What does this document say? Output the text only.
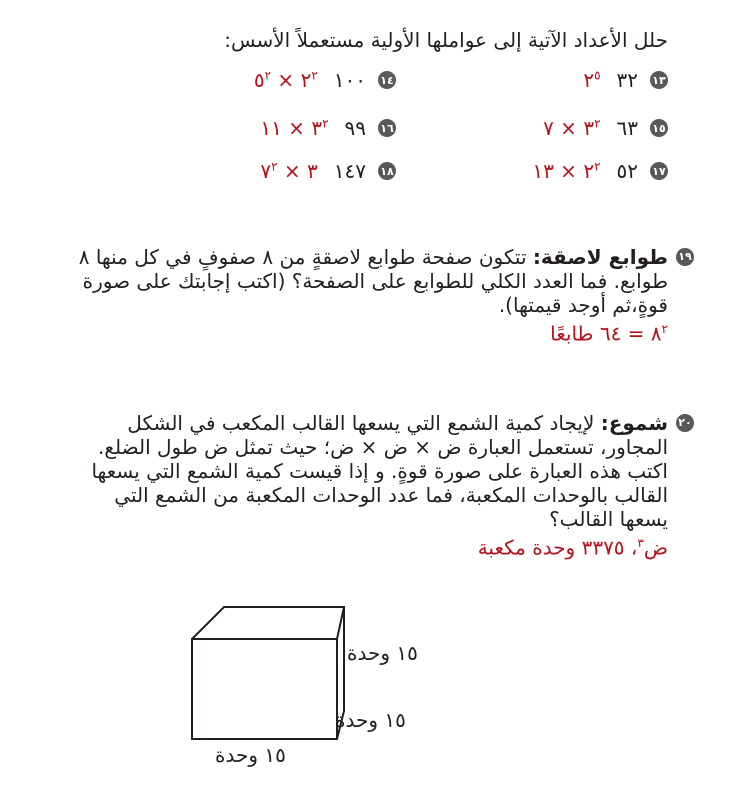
حلل الأعداد الآتية إلى عواملها الأولية مستعملاً الأسس:
١٣
٣٢
$٢^٥$
١٤
١٠٠
$٢^٢$ × $٥^٢$
١٥
٦٣
$٣^٢$ × ٧
١٦
٩٩
$٣^٢$ × ١١
١٧
٥٢
$٢^٢$ × ١٣
١٨
١٤٧
٣ × $٧^٢$
١٩
طوابع لاصقة: تتكون صفحة طوابع لاصقةٍ من ٨ صفوفٍ في كل منها ٨ طوابع. فما العدد الكلي للطوابع على الصفحة؟ (اكتب إجابتك على صورة قوةٍ،ثم أوجد قيمتها).
$٨^٢$ = ٦٤ طابعًا
٢٠
شموع: لإيجاد كمية الشمع التي يسعها القالب المكعب في الشكل المجاور، تستعمل العبارة ض × ض × ض؛ حيث تمثل ض طول الضلع. اكتب هذه العبارة على صورة قوةٍ. و إذا قيست كمية الشمع التي يسعها القالب بالوحدات المكعبة، فما عدد الوحدات المكعبة من الشمع التي يسعها القالب؟
ض$^٣$، ٣٣٧٥ وحدة مكعبة
١٥ وحدة
١٥ وحدة
١٥ وحدة
